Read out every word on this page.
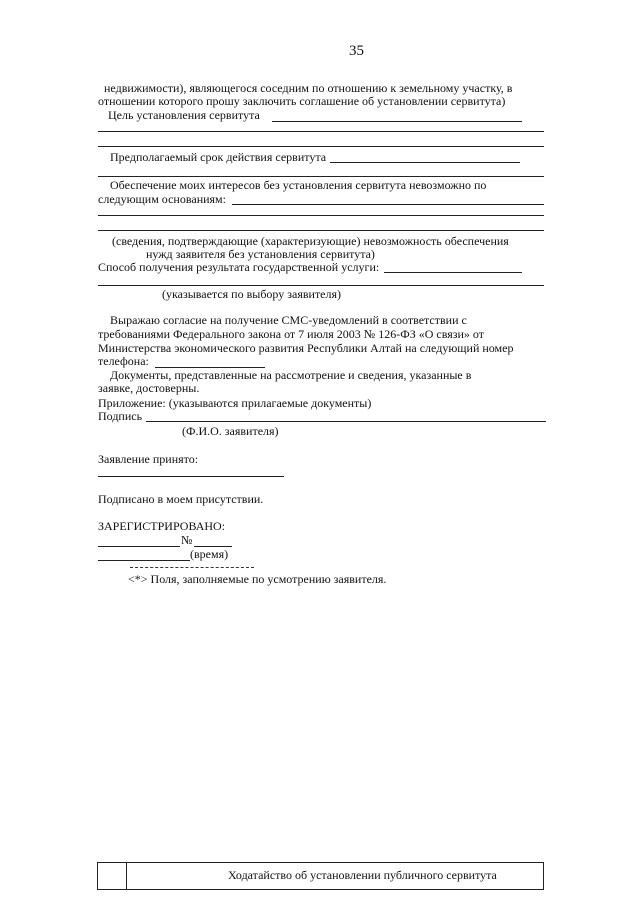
35
недвижимости), являющегося соседним по отношению к земельному участку, в
отношении которого прошу заключить соглашение об установлении сервитута)
Цель установления сервитута
Предполагаемый срок действия сервитута
Обеспечение моих интересов без установления сервитута невозможно по
следующим основаниям:
(сведения, подтверждающие (характеризующие) невозможность обеспечения
нужд заявителя без установления сервитута)
Способ получения результата государственной услуги:
(указывается по выбору заявителя)
Выражаю согласие на получение СМС-уведомлений в соответствии с
требованиями Федерального закона от 7 июля 2003 № 126-ФЗ «О связи» от
Министерства экономического развития Республики Алтай на следующий номер
телефона:
Документы, представленные на рассмотрение и сведения, указанные в
заявке, достоверны.
Приложение: (указываются прилагаемые документы)
Подпись
(Ф.И.О. заявителя)
Заявление принято:
Подписано в моем присутствии.
ЗАРЕГИСТРИРОВАНО:
№
(время)
<*> Поля, заполняемые по усмотрению заявителя.
Ходатайство об установлении публичного сервитута
